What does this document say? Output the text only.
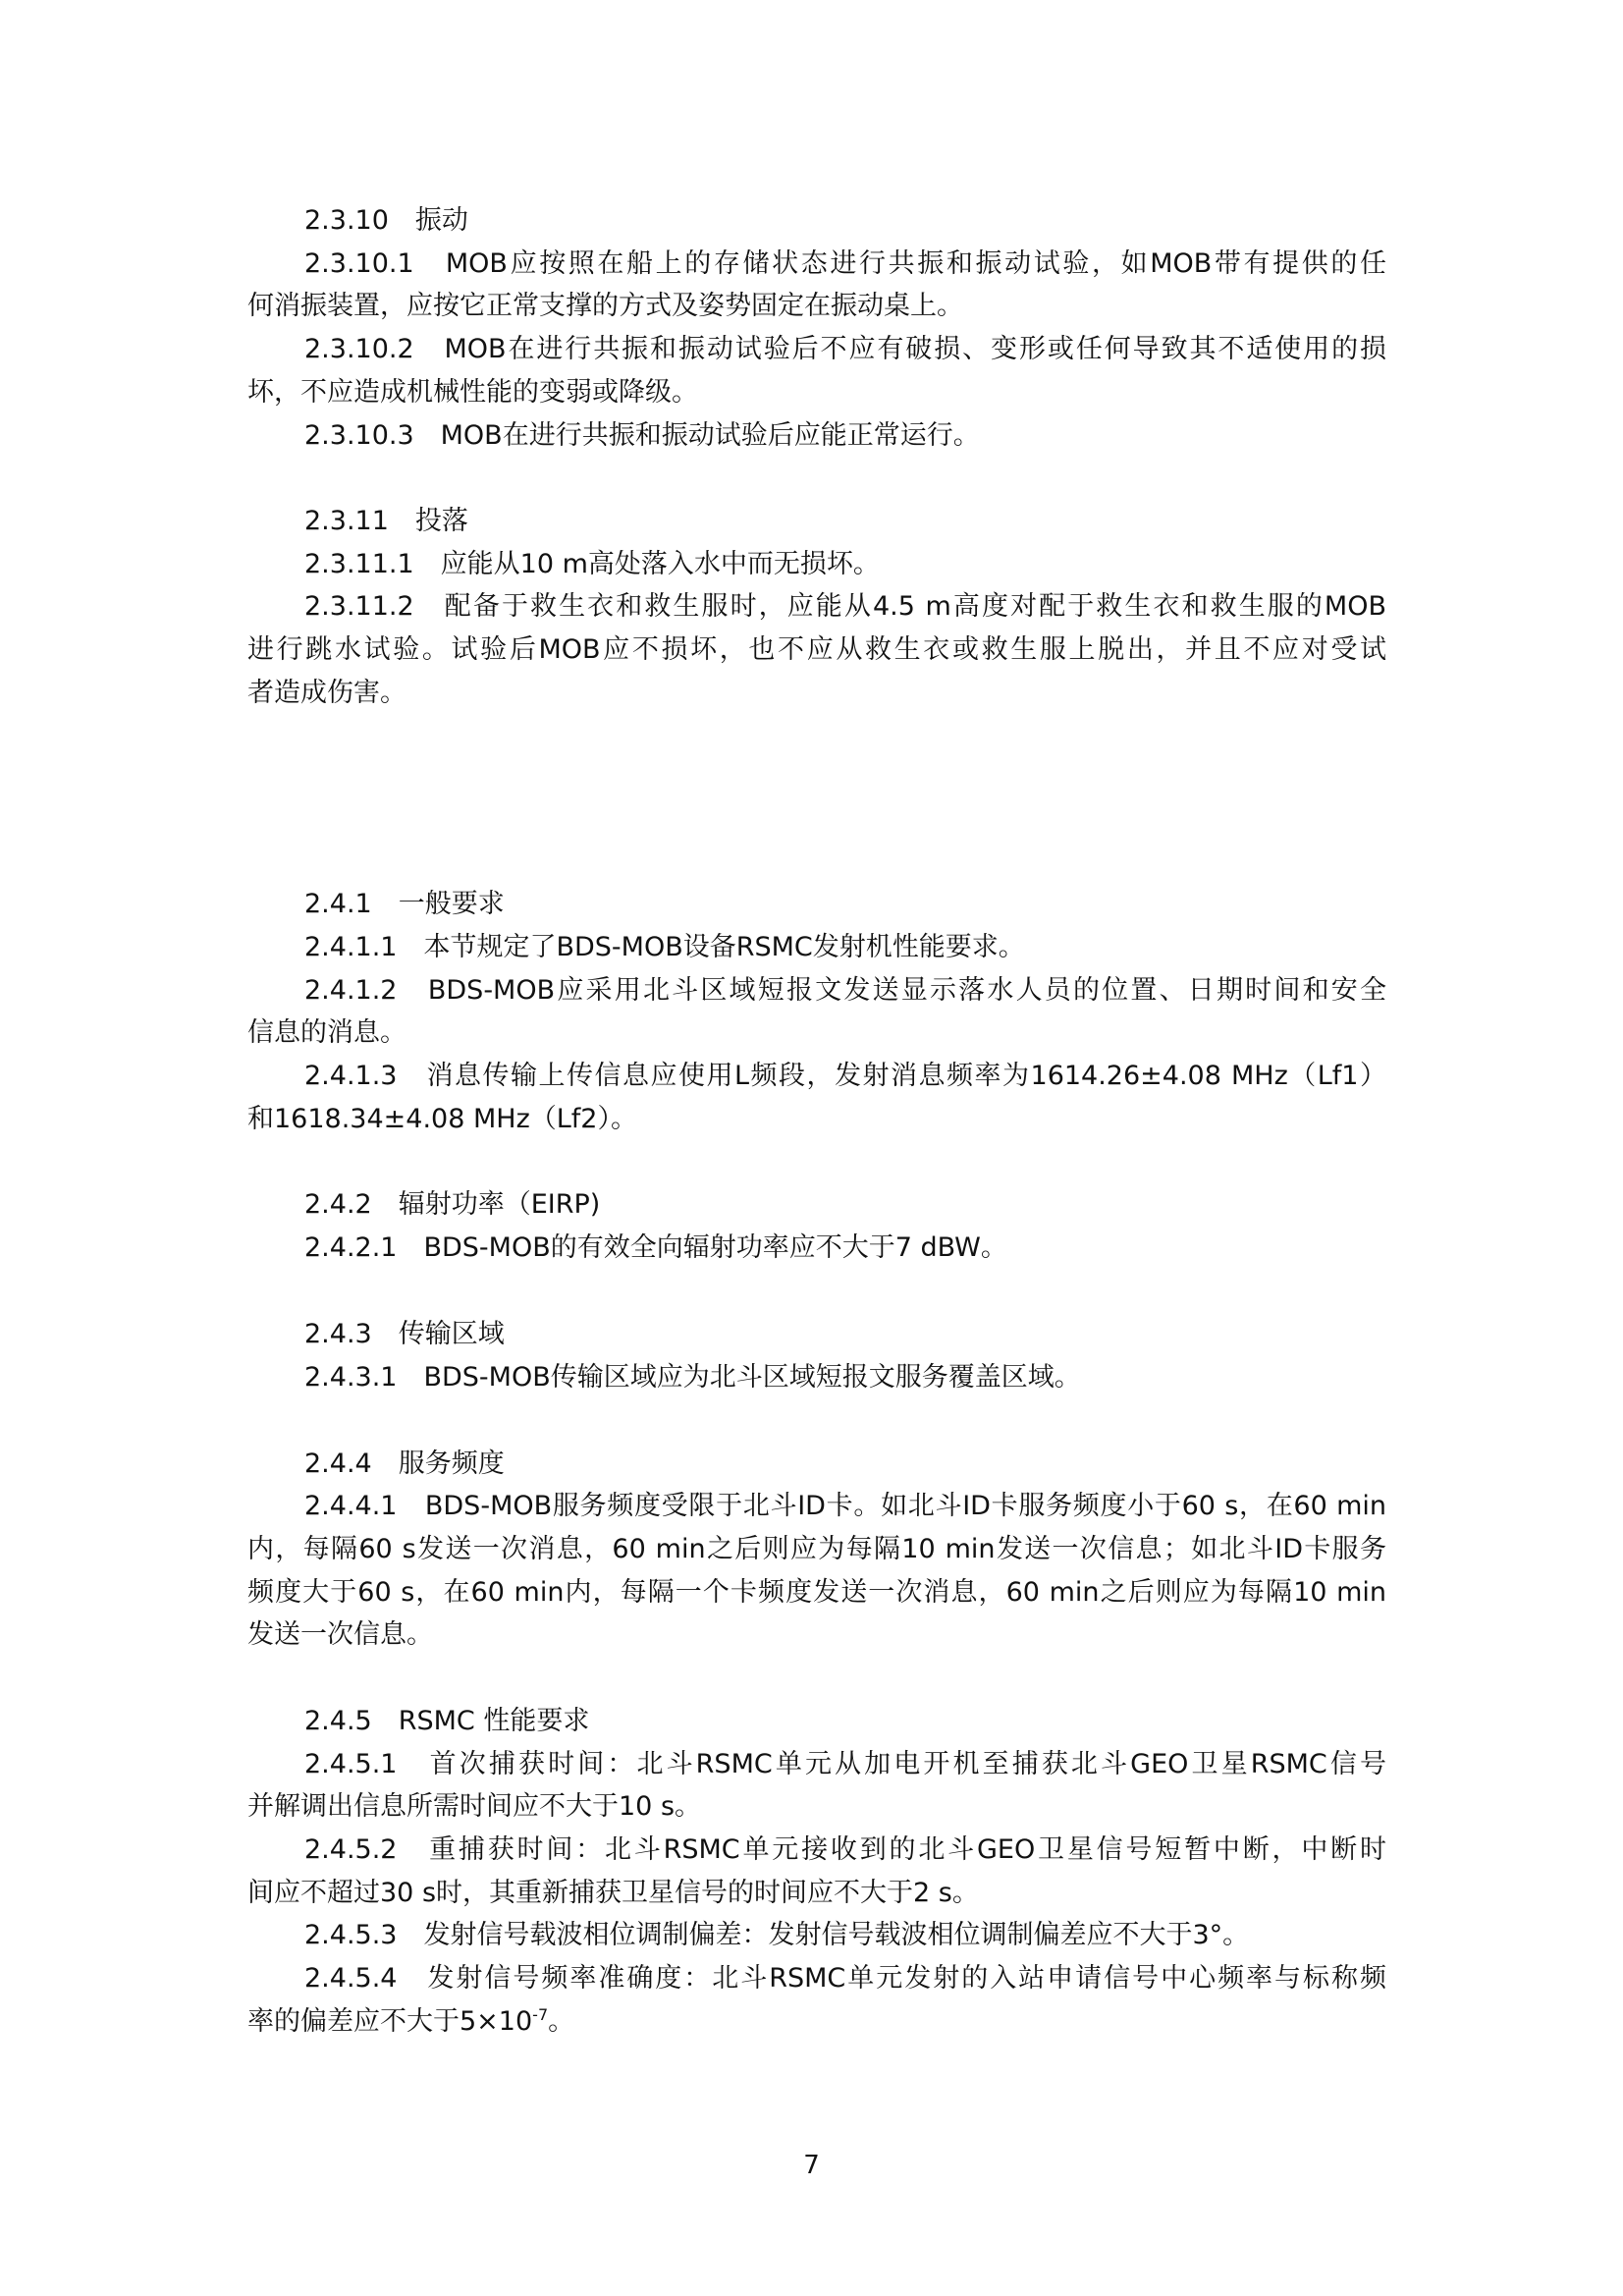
2.3.10　振动
2.3.10.1　MOB应按照在船上的存储状态进行共振和振动试验，如MOB带有提供的任
何消振装置，应按它正常支撑的方式及姿势固定在振动桌上。
2.3.10.2　MOB在进行共振和振动试验后不应有破损、变形或任何导致其不适使用的损
坏，不应造成机械性能的变弱或降级。
2.3.10.3　MOB在进行共振和振动试验后应能正常运行。
2.3.11　投落
2.3.11.1　应能从10 m高处落入水中而无损坏。
2.3.11.2　配备于救生衣和救生服时，应能从4.5 m高度对配于救生衣和救生服的MOB
进行跳水试验。试验后MOB应不损坏，也不应从救生衣或救生服上脱出，并且不应对受试
者造成伤害。
2.4.1　一般要求
2.4.1.1　本节规定了BDS-MOB设备RSMC发射机性能要求。
2.4.1.2　BDS-MOB应采用北斗区域短报文发送显示落水人员的位置、日期时间和安全
信息的消息。
2.4.1.3　消息传输上传信息应使用L频段，发射消息频率为1614.26±4.08 MHz（Lf1）
和1618.34±4.08 MHz（Lf2）。
2.4.2　辐射功率（EIRP)
2.4.2.1　BDS-MOB的有效全向辐射功率应不大于7 dBW。
2.4.3　传输区域
2.4.3.1　BDS-MOB传输区域应为北斗区域短报文服务覆盖区域。
2.4.4　服务频度
2.4.4.1　BDS-MOB服务频度受限于北斗ID卡。如北斗ID卡服务频度小于60 s，在60 min
内，每隔60 s发送一次消息，60 min之后则应为每隔10 min发送一次信息；如北斗ID卡服务
频度大于60 s，在60 min内，每隔一个卡频度发送一次消息，60 min之后则应为每隔10 min
发送一次信息。
2.4.5　RSMC 性能要求
2.4.5.1　首次捕获时间：北斗RSMC单元从加电开机至捕获北斗GEO卫星RSMC信号
并解调出信息所需时间应不大于10 s。
2.4.5.2　重捕获时间：北斗RSMC单元接收到的北斗GEO卫星信号短暂中断，中断时
间应不超过30 s时，其重新捕获卫星信号的时间应不大于2 s。
2.4.5.3　发射信号载波相位调制偏差：发射信号载波相位调制偏差应不大于3°。
2.4.5.4　发射信号频率准确度：北斗RSMC单元发射的入站申请信号中心频率与标称频
率的偏差应不大于$5\times 10^{-7}$。
7
